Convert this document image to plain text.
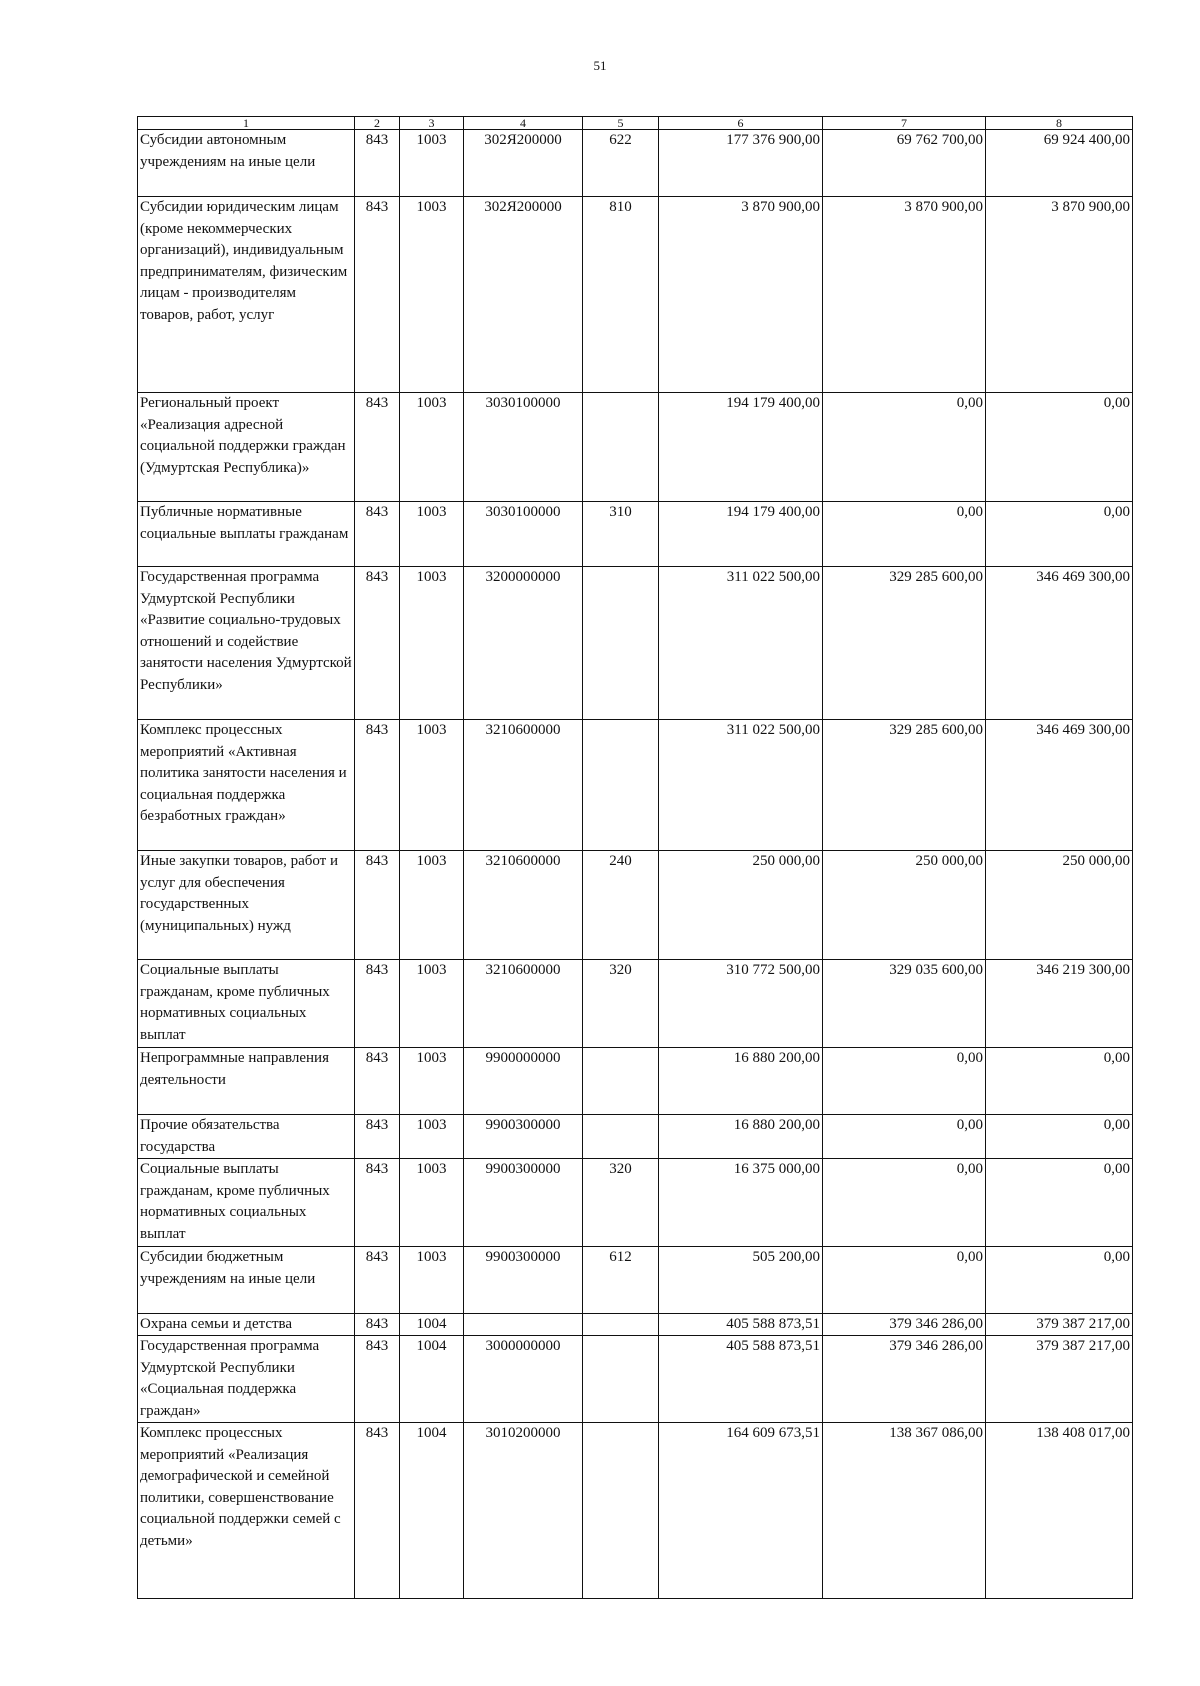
51
1	2	3	4	5	6	7	8
Субсидии автономным учреждениям на иные цели	843	1003	302Я200000	622	177 376 900,00	69 762 700,00	69 924 400,00
Субсидии юридическим лицам (кроме некоммерческих организаций), индивидуальным предпринимателям, физическим лицам - производителям товаров, работ, услуг	843	1003	302Я200000	810	3 870 900,00	3 870 900,00	3 870 900,00
Региональный проект «Реализация адресной социальной поддержки граждан (Удмуртская Республика)»	843	1003	3030100000		194 179 400,00	0,00	0,00
Публичные нормативные социальные выплаты гражданам	843	1003	3030100000	310	194 179 400,00	0,00	0,00
Государственная программа Удмуртской Республики «Развитие социально-трудовых отношений и содействие занятости населения Удмуртской Республики»	843	1003	3200000000		311 022 500,00	329 285 600,00	346 469 300,00
Комплекс процессных мероприятий «Активная политика занятости населения и социальная поддержка безработных граждан»	843	1003	3210600000		311 022 500,00	329 285 600,00	346 469 300,00
Иные закупки товаров, работ и услуг для обеспечения государственных (муниципальных) нужд	843	1003	3210600000	240	250 000,00	250 000,00	250 000,00
Социальные выплаты гражданам, кроме публичных нормативных социальных выплат	843	1003	3210600000	320	310 772 500,00	329 035 600,00	346 219 300,00
Непрограммные направления деятельности	843	1003	9900000000		16 880 200,00	0,00	0,00
Прочие обязательства государства	843	1003	9900300000		16 880 200,00	0,00	0,00
Социальные выплаты гражданам, кроме публичных нормативных социальных выплат	843	1003	9900300000	320	16 375 000,00	0,00	0,00
Субсидии бюджетным учреждениям на иные цели	843	1003	9900300000	612	505 200,00	0,00	0,00
Охрана семьи и детства	843	1004			405 588 873,51	379 346 286,00	379 387 217,00
Государственная программа Удмуртской Республики «Социальная поддержка граждан»	843	1004	3000000000		405 588 873,51	379 346 286,00	379 387 217,00
Комплекс процессных мероприятий «Реализация демографической и семейной политики, совершенствование социальной поддержки семей с детьми»	843	1004	3010200000		164 609 673,51	138 367 086,00	138 408 017,00
